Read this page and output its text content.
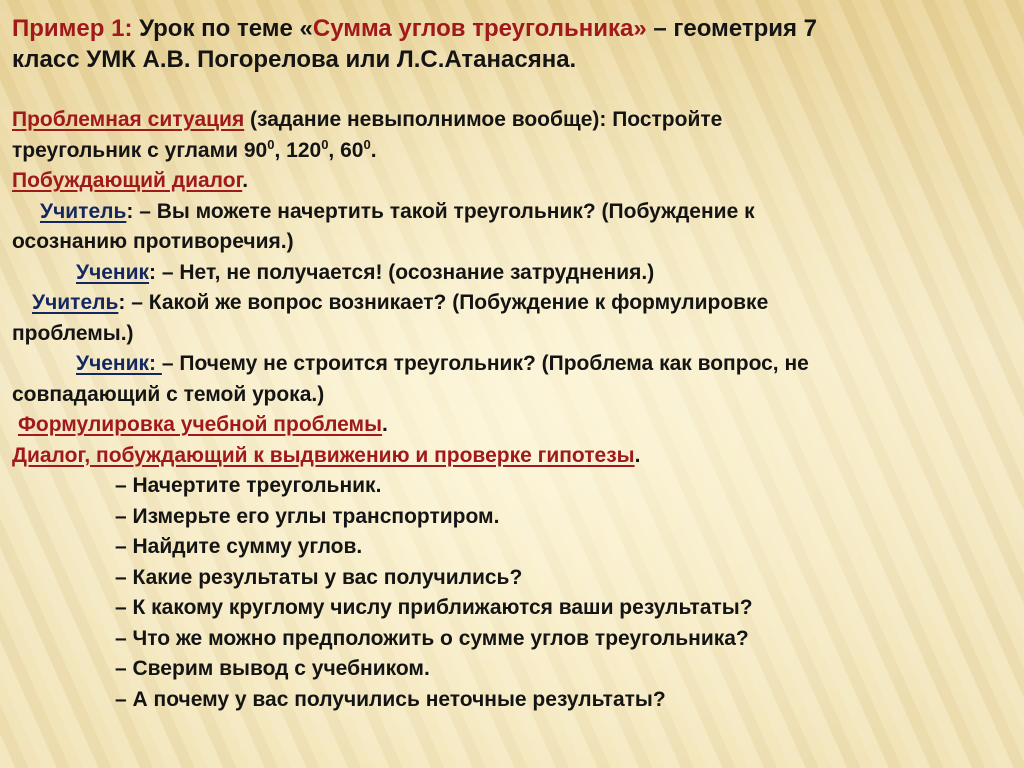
Пример 1: Урок по теме «Сумма углов треугольника» – геометрия 7
класс УМК А.В. Погорелова или Л.С.Атанасяна.
Проблемная ситуация (задание невыполнимое вообще): Постройте
треугольник с углами $90^0$, $120^0$, $60^0$.
Побуждающий диалог.
Учитель: – Вы можете начертить такой треугольник? (Побуждение к
осознанию противоречия.)
Ученик: – Нет, не получается! (осознание затруднения.)
Учитель: – Какой же вопрос возникает? (Побуждение к формулировке
проблемы.)
Ученик: – Почему не строится треугольник? (Проблема как вопрос, не
совпадающий с темой урока.)
Формулировка учебной проблемы.
Диалог, побуждающий к выдвижению и проверке гипотезы.
– Начертите треугольник.
– Измерьте его углы транспортиром.
– Найдите сумму углов.
– Какие результаты у вас получились?
– К какому круглому числу приближаются ваши результаты?
– Что же можно предположить о сумме углов треугольника?
– Сверим вывод с учебником.
– А почему у вас получились неточные результаты?
